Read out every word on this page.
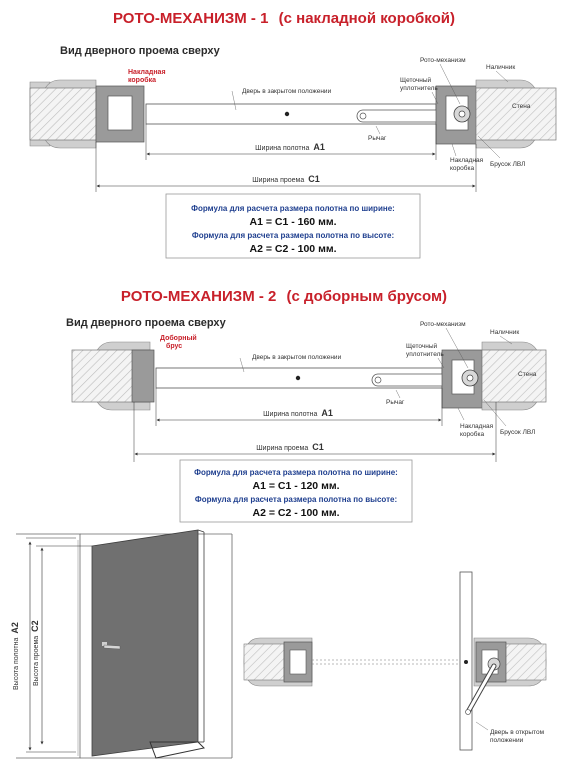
РОТО-МЕХАНИЗМ - 1 (с накладной коробкой)
Вид дверного проема сверху
Накладная коробка
Дверь в закрытом положении
Рычаг
Стена
Рото-механизм
Наличник
Щеточный уплотнитель
Накладная коробка
Брусок ЛВЛ
Ширина полотна A1
Ширина проема C1
Формула для расчета размера полотна по ширине:
A1 = C1 - 160 мм.
Формула для расчета размера полотна по высоте:
A2 = C2 - 100 мм.
РОТО-МЕХАНИЗМ - 2 (с доборным брусом)
Вид дверного проема сверху
Доборный брус
Дверь в закрытом положении
Рычаг
Стена
Рото-механизм
Наличник
Щеточный уплотнитель
Накладная коробка	Брусок ЛВЛ
Ширина полотна A1
Ширина проема C1
Формула для расчета размера полотна по ширине:
A1 = C1 - 120 мм.
Формула для расчета размера полотна по высоте:
A2 = C2 - 100 мм.
Высота полотна A2
Высота проема C2
Дверь в открытом положении
